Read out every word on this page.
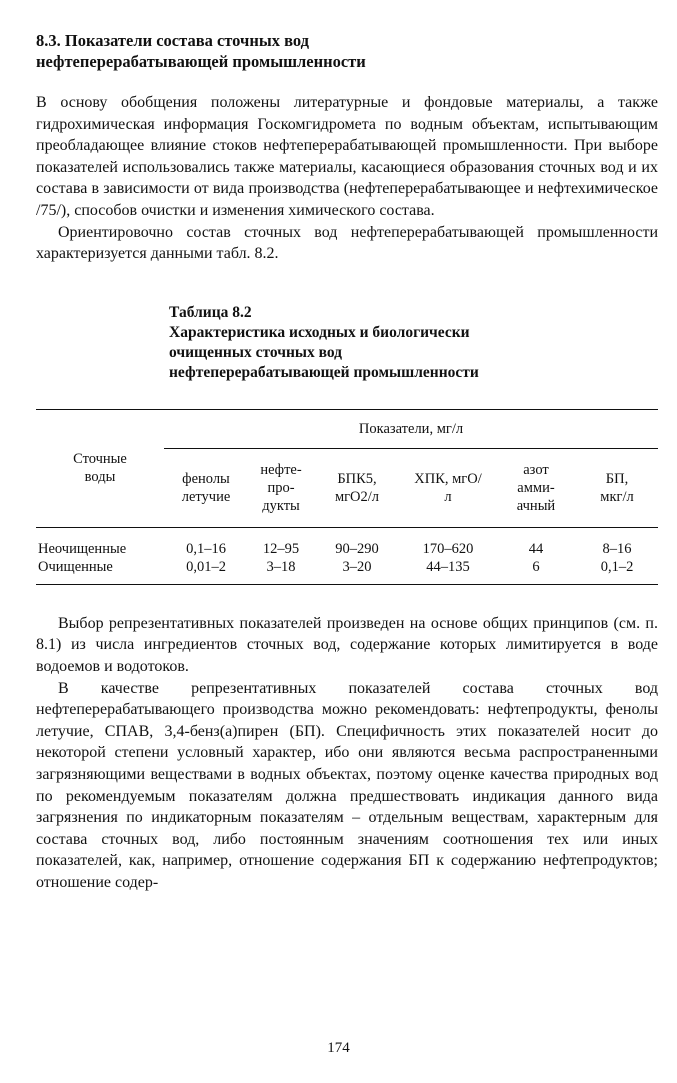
8.3. Показатели состава сточных вод
нефтеперерабатывающей промышленности

В основу обобщения положены литературные и фондовые материалы, а также гидрохимическая информация Госкомгидромета по водным объектам, испытывающим преобладающее влияние стоков нефтеперерабатывающей промышленности. При выборе показателей использовались также материалы, касающиеся образования сточных вод и их состава в зависимости от вида производства (нефтеперерабатывающее и нефтехимическое /75/), способов очистки и изменения химического состава.

Ориентировочно состав сточных вод нефтеперерабатывающей промышленности характеризуется данными табл. 8.2.

Таблица 8.2
Характеристика исходных и биологически
очищенных сточных вод
нефтеперерабатывающей промышленности

Сточные воды	Показатели, мг/л					
	фенолы летучие	нефте- про- дукты	БПК5, мгО2/л	ХПК, мгО/л	азот амми- ачный	БП, мкг/л
Неочищенные	0,1–16	12–95	90–290	170–620	44	8–16
Очищенные	0,01–2	3–18	3–20	44–135	6	0,1–2

Выбор репрезентативных показателей произведен на основе общих принципов (см. п. 8.1) из числа ингредиентов сточных вод, содержание которых лимитируется в воде водоемов и водотоков.

В качестве репрезентативных показателей состава сточных вод нефтеперерабатывающего производства можно рекомендовать: нефтепродукты, фенолы летучие, СПАВ, 3,4-бенз(а)пирен (БП). Специфичность этих показателей носит до некоторой степени условный характер, ибо они являются весьма распространенными загрязняющими веществами в водных объектах, поэтому оценке качества природных вод по рекомендуемым показателям должна предшествовать индикация данного вида загрязнения по индикаторным показателям – отдельным веществам, характерным для состава сточных вод, либо постоянным значениям соотношения тех или иных показателей, как, например, отношение содержания БП к содержанию нефтепродуктов; отношение содер-

174
